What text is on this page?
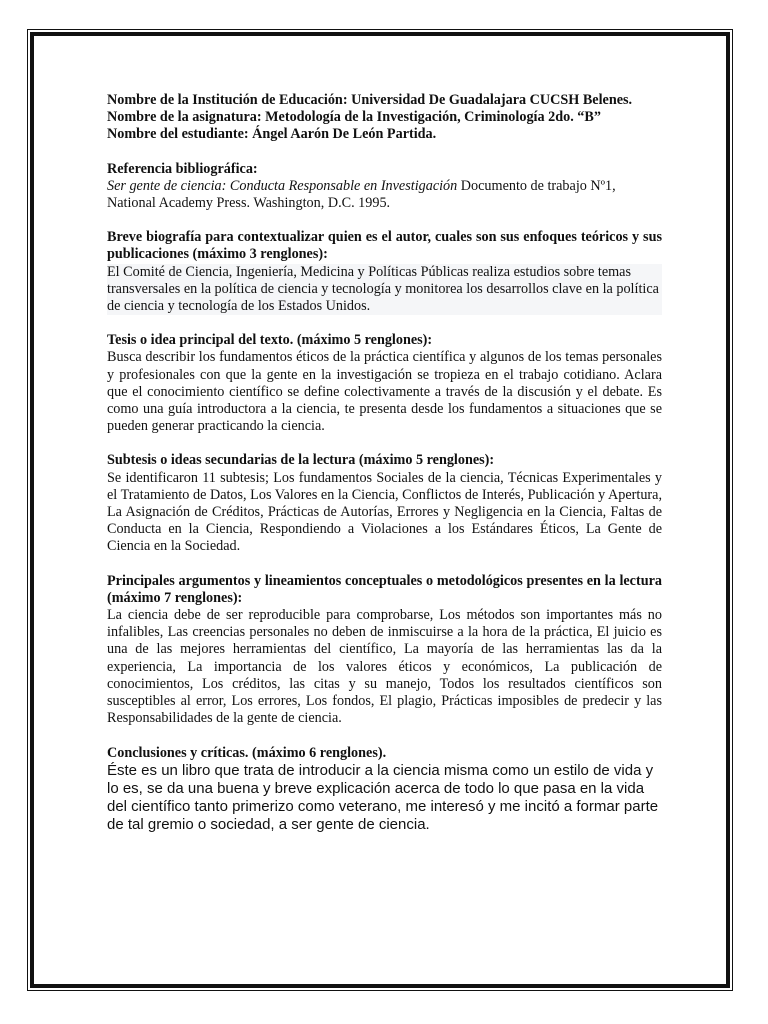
Nombre de la Institución de Educación: Universidad De Guadalajara CUCSH Belenes.

Nombre de la asignatura: Metodología de la Investigación, Criminología 2do. “B”

Nombre del estudiante: Ángel Aarón De León Partida.

Referencia bibliográfica:

Ser gente de ciencia: Conducta Responsable en Investigación Documento de trabajo Nº1, National Academy Press. Washington, D.C. 1995.

Breve biografía para contextualizar quien es el autor, cuales son sus enfoques teóricos y sus publicaciones (máximo 3 renglones):

El Comité de Ciencia, Ingeniería, Medicina y Políticas Públicas realiza estudios sobre temas transversales en la política de ciencia y tecnología y monitorea los desarrollos clave en la política de ciencia y tecnología de los Estados Unidos.

Tesis o idea principal del texto. (máximo 5 renglones):

Busca describir los fundamentos éticos de la práctica científica y algunos de los temas personales y profesionales con que la gente en la investigación se tropieza en el trabajo cotidiano. Aclara que el conocimiento científico se define colectivamente a través de la discusión y el debate. Es como una guía introductora a la ciencia, te presenta desde los fundamentos a situaciones que se pueden generar practicando la ciencia.

Subtesis o ideas secundarias de la lectura (máximo 5 renglones):

Se identificaron 11 subtesis; Los fundamentos Sociales de la ciencia, Técnicas Experimentales y el Tratamiento de Datos, Los Valores en la Ciencia, Conflictos de Interés, Publicación y Apertura, La Asignación de Créditos, Prácticas de Autorías, Errores y Negligencia en la Ciencia, Faltas de Conducta en la Ciencia, Respondiendo a Violaciones a los Estándares Éticos, La Gente de Ciencia en la Sociedad.

Principales argumentos y lineamientos conceptuales o metodológicos presentes en la lectura (máximo 7 renglones):

La ciencia debe de ser reproducible para comprobarse, Los métodos son importantes más no infalibles, Las creencias personales no deben de inmiscuirse a la hora de la práctica, El juicio es una de las mejores herramientas del científico, La mayoría de las herramientas las da la experiencia, La importancia de los valores éticos y económicos, La publicación de conocimientos, Los créditos, las citas y su manejo, Todos los resultados científicos son susceptibles al error, Los errores, Los fondos, El plagio, Prácticas imposibles de predecir y las Responsabilidades de la gente de ciencia.

Conclusiones y críticas. (máximo 6 renglones).

Éste es un libro que trata de introducir a la ciencia misma como un estilo de vida y lo es, se da una buena y breve explicación acerca de todo lo que pasa en la vida del científico tanto primerizo como veterano, me interesó y me incitó a formar parte de tal gremio o sociedad, a ser gente de ciencia.
